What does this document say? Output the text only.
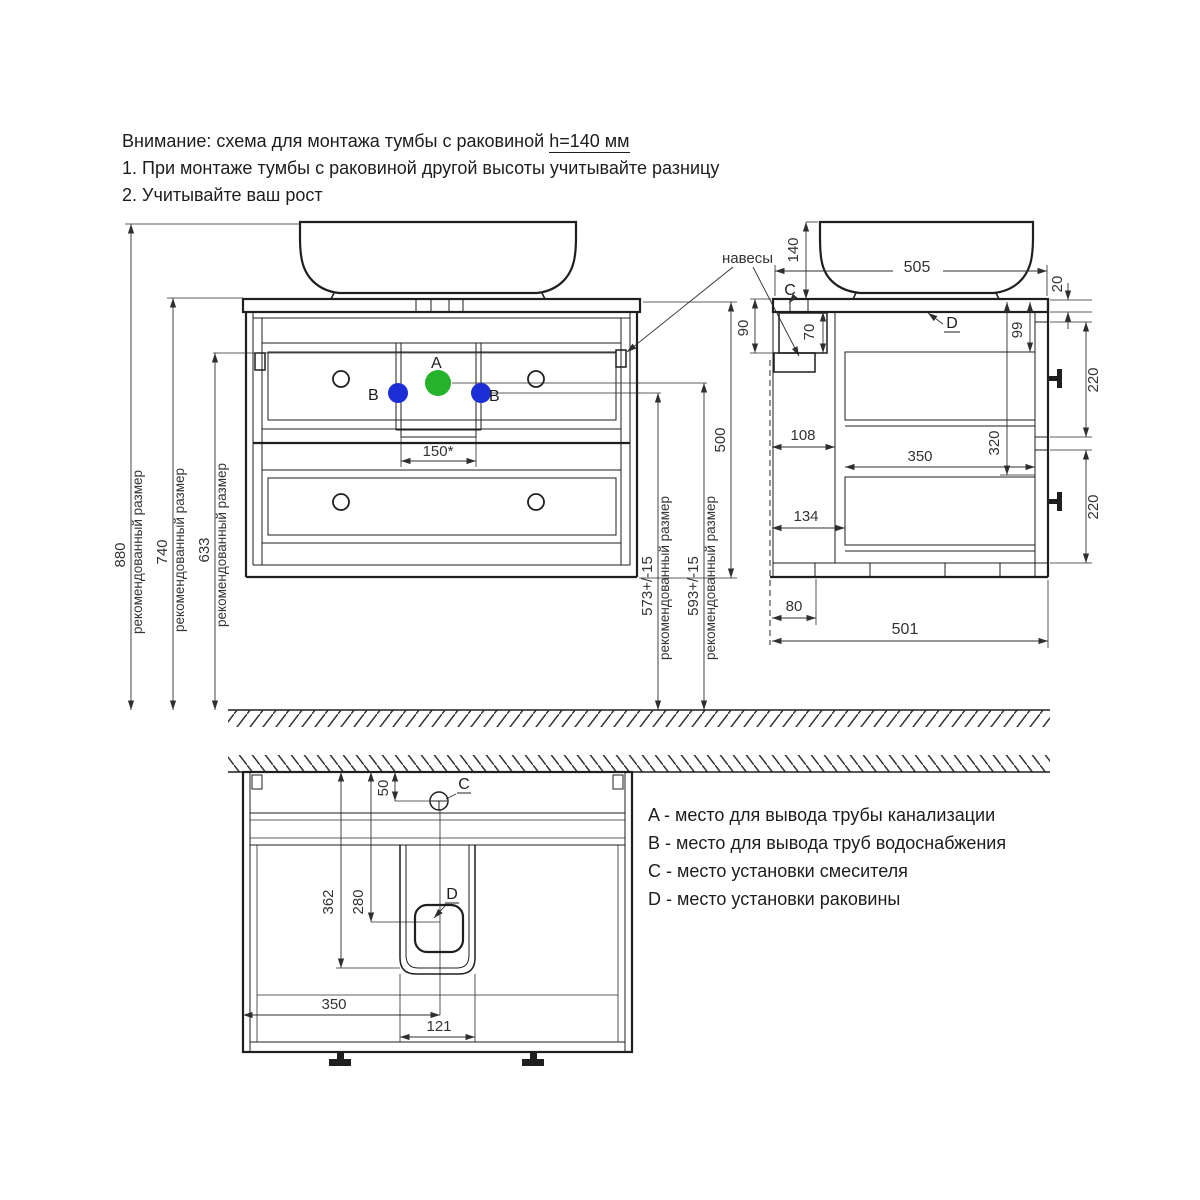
Внимание: схема для монтажа тумбы с раковиной h=140 мм
1. При монтаже тумбы с раковиной другой высоты учитывайте разницу
2. Учитывайте ваш рост
A - место для вывода трубы канализации
B - место для вывода труб водоснабжения
C - место установки смесителя
D - место установки раковины
A
B	B
150*
880 рекомендованный размер 740 рекомендованный размер 633 рекомендованный размер	573+/-15 рекомендованный размер 593+/-15 рекомендованный размер
500
навесы
C
D
140
505
20
90	70
108
99
320
220
220
350
134
80
501
D
C
50
362 280
350
121
